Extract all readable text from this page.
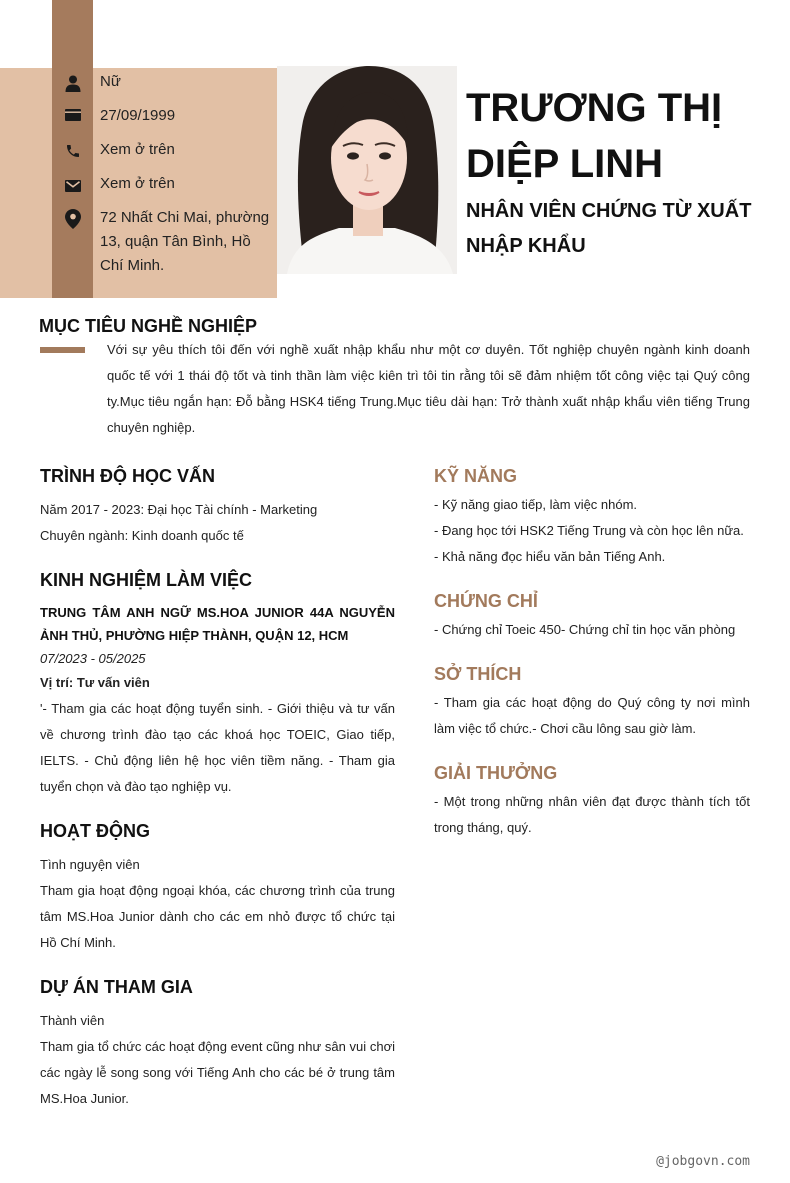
Nữ
27/09/1999
Xem ở trên
Xem ở trên
72 Nhất Chi Mai, phường 13, quận Tân Bình, Hồ Chí Minh.
TRƯƠNG THỊ DIỆP LINH
NHÂN VIÊN CHỨNG TỪ XUẤT NHẬP KHẨU
MỤC TIÊU NGHỀ NGHIỆP
Với sự yêu thích tôi đến với nghề xuất nhập khẩu như một cơ duyên. Tốt nghiệp chuyên ngành kinh doanh quốc tế với 1 thái độ tốt và tinh thần làm việc kiên trì tôi tin rằng tôi sẽ đảm nhiệm tốt công việc tại Quý công ty.Mục tiêu ngắn hạn: Đỗ bằng HSK4 tiếng Trung.Mục tiêu dài hạn: Trở thành xuất nhập khẩu viên tiếng Trung chuyên nghiệp.
TRÌNH ĐỘ HỌC VẤN
Năm 2017 - 2023: Đại học Tài chính - Marketing
Chuyên ngành: Kinh doanh quốc tế
KINH NGHIỆM LÀM VIỆC
TRUNG TÂM ANH NGỮ MS.HOA JUNIOR 44A NGUYỄN ẢNH THỦ, PHƯỜNG HIỆP THÀNH, QUẬN 12, HCM
07/2023 - 05/2025
Vị trí: Tư vấn viên
'- Tham gia các hoạt động tuyển sinh. - Giới thiệu và tư vấn về chương trình đào tạo các khoá học TOEIC, Giao tiếp, IELTS. - Chủ động liên hệ học viên tiềm năng. - Tham gia tuyển chọn và đào tạo nghiệp vụ.
HOẠT ĐỘNG
Tình nguyện viên
Tham gia hoạt động ngoại khóa, các chương trình của trung tâm MS.Hoa Junior dành cho các em nhỏ được tổ chức tại Hồ Chí Minh.
DỰ ÁN THAM GIA
Thành viên
Tham gia tổ chức các hoạt động event cũng như sân vui chơi các ngày lễ song song với Tiếng Anh cho các bé ở trung tâm MS.Hoa Junior.
KỸ NĂNG
- Kỹ năng giao tiếp, làm việc nhóm.
- Đang học tới HSK2 Tiếng Trung và còn học lên nữa.
- Khả năng đọc hiểu văn bản Tiếng Anh.
CHỨNG CHỈ
- Chứng chỉ Toeic 450- Chứng chỉ tin học văn phòng
SỞ THÍCH
- Tham gia các hoạt động do Quý công ty nơi mình làm việc tổ chức.- Chơi cầu lông sau giờ làm.
GIẢI THƯỞNG
- Một trong những nhân viên đạt được thành tích tốt trong tháng, quý.
@jobgovn.com
